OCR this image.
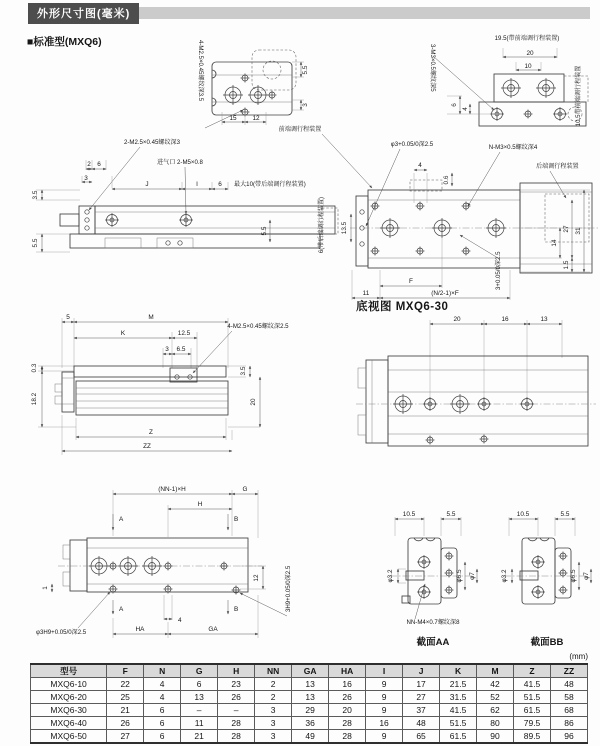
外形尺寸图(毫米)
■标准型(MXQ6)	4-M2.5×0.45螺纹深3.5
15 12
5.5
3
19.5(带前端调行程装置)
20
10
3-M3×0.5螺纹深5
6
4	10.5带前端调行程装置
2-M2.5×0.45螺纹深3
进气口 2-M5×0.8
2 6
3
J	I	6 最大10(带后端调行程装置)
3.5
5.5
5.5
前端调行程装置
φ3+0.05/0深2.5	N-M3×0.5螺纹深4
后端调行程装置
4
0.6
13.5
6(带后端调行程装置)	14
27 31
1.5
F
11	(N/2-1)×F
3+0.05/0深2.5
5	M
K	12.5
3 6.5
4-M2.5×0.45螺纹深2.5
0.3
18.2
3.5
20
Z
ZZ
底视图 MXQ6-30
20	16	13
(NN-1)×H	G
H
A	B
A	B
12
1
4
HA	GA
φ3H9+0.05/0深2.5
3H9+0.05/0深2.5
10.5	5.5
φ3.2	φ6.5 φ7
NN-M4×0.7螺纹深8
截面AA
10.5	5.5
φ3.2	φ6.5 φ7
截面BB
(mm)
型号	F	N	G	H	NN	GA	HA	I	J	K	M	Z	ZZ
MXQ6-10	22	4	6	23	2	13	16	9	17	21.5	42	41.5	48
MXQ6-20	25	4	13	26	2	13	26	9	27	31.5	52	51.5	58
MXQ6-30	21	6	–	–	3	29	20	9	37	41.5	62	61.5	68
MXQ6-40	26	6	11	28	3	36	28	16	48	51.5	80	79.5	86
MXQ6-50	27	6	21	28	3	49	28	9	65	61.5	90	89.5	96
